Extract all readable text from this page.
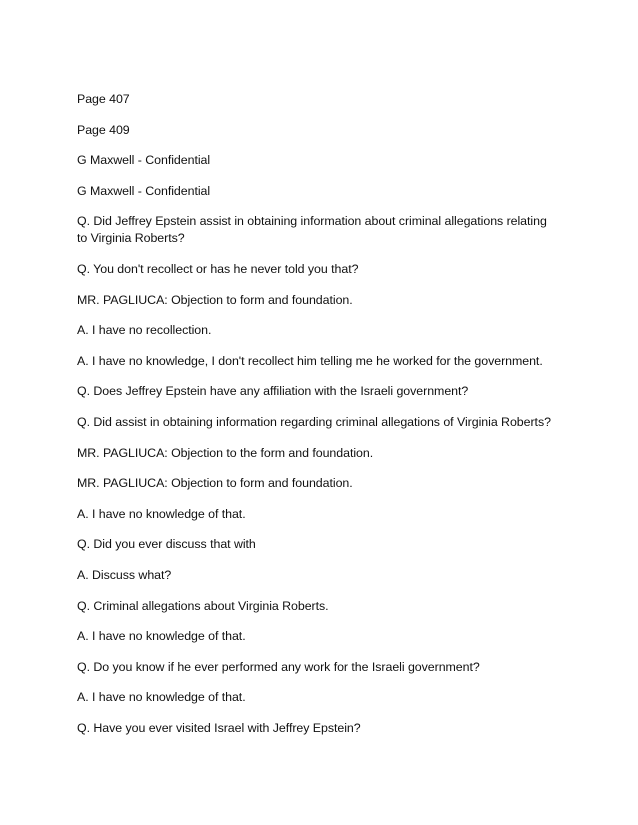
Page 407

Page 409

G Maxwell - Confidential

G Maxwell - Confidential

Q. Did Jeffrey Epstein assist in obtaining information about criminal allegations relating to Virginia Roberts?

Q. You don't recollect or has he never told you that?

MR. PAGLIUCA: Objection to form and foundation.

A. I have no recollection.

A. I have no knowledge, I don't recollect him telling me he worked for the government.

Q. Does Jeffrey Epstein have any affiliation with the Israeli government?

Q. Did assist in obtaining information regarding criminal allegations of Virginia Roberts?

MR. PAGLIUCA: Objection to the form and foundation.

MR. PAGLIUCA: Objection to form and foundation.

A. I have no knowledge of that.

Q. Did you ever discuss that with

A. Discuss what?

Q. Criminal allegations about Virginia Roberts.

A. I have no knowledge of that.

Q. Do you know if he ever performed any work for the Israeli government?

A. I have no knowledge of that.

Q. Have you ever visited Israel with Jeffrey Epstein?
